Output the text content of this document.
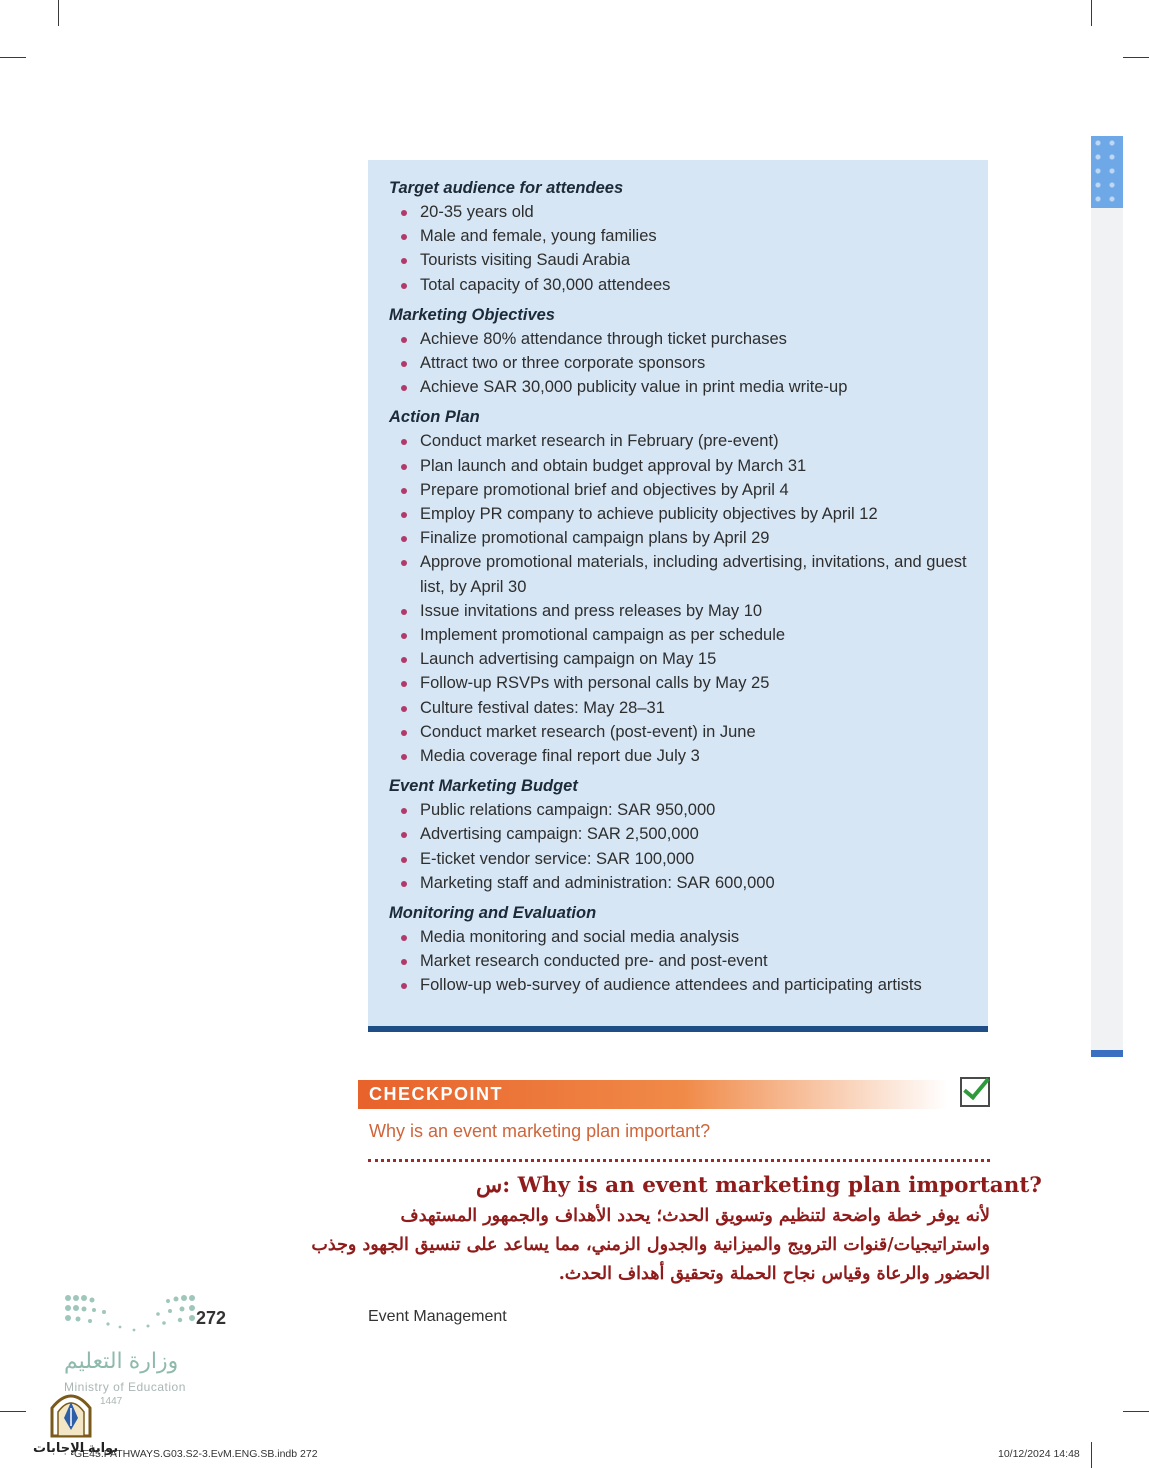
Target audience for attendees

20-35 years old
Male and female, young families
Tourists visiting Saudi Arabia
Total capacity of 30,000 attendees

Marketing Objectives

Achieve 80% attendance through ticket purchases
Attract two or three corporate sponsors
Achieve SAR 30,000 publicity value in print media write-up

Action Plan

Conduct market research in February (pre-event)
Plan launch and obtain budget approval by March 31
Prepare promotional brief and objectives by April 4
Employ PR company to achieve publicity objectives by April 12
Finalize promotional campaign plans by April 29
Approve promotional materials, including advertising, invitations, and guest list, by April 30
Issue invitations and press releases by May 10
Implement promotional campaign as per schedule
Launch advertising campaign on May 15
Follow-up RSVPs with personal calls by May 25
Culture festival dates: May 28–31
Conduct market research (post-event) in June
Media coverage final report due July 3

Event Marketing Budget

Public relations campaign: SAR 950,000
Advertising campaign: SAR 2,500,000
E-ticket vendor service: SAR 100,000
Marketing staff and administration: SAR 600,000

Monitoring and Evaluation

Media monitoring and social media analysis
Market research conducted pre- and post-event
Follow-up web-survey of audience attendees and participating artists
CHECKPOINT
Why is an event marketing plan important?
س: Why is an event marketing plan important?
لأنه يوفر خطة واضحة لتنظيم وتسويق الحدث؛ يحدد الأهداف والجمهور المستهدف
واستراتيجيات/قنوات الترويج والميزانية والجدول الزمني، مما يساعد على تنسيق الجهود وجذب
الحضور والرعاة وقياس نجاح الحملة وتحقيق أهداف الحدث.
272	Event Management
وزارة التعليم
Ministry of Education
1447
بوابة الإجابات
GE45.PATHWAYS.G03.S2-3.EvM.ENG.SB.indb 272	10/12/2024 14:48
